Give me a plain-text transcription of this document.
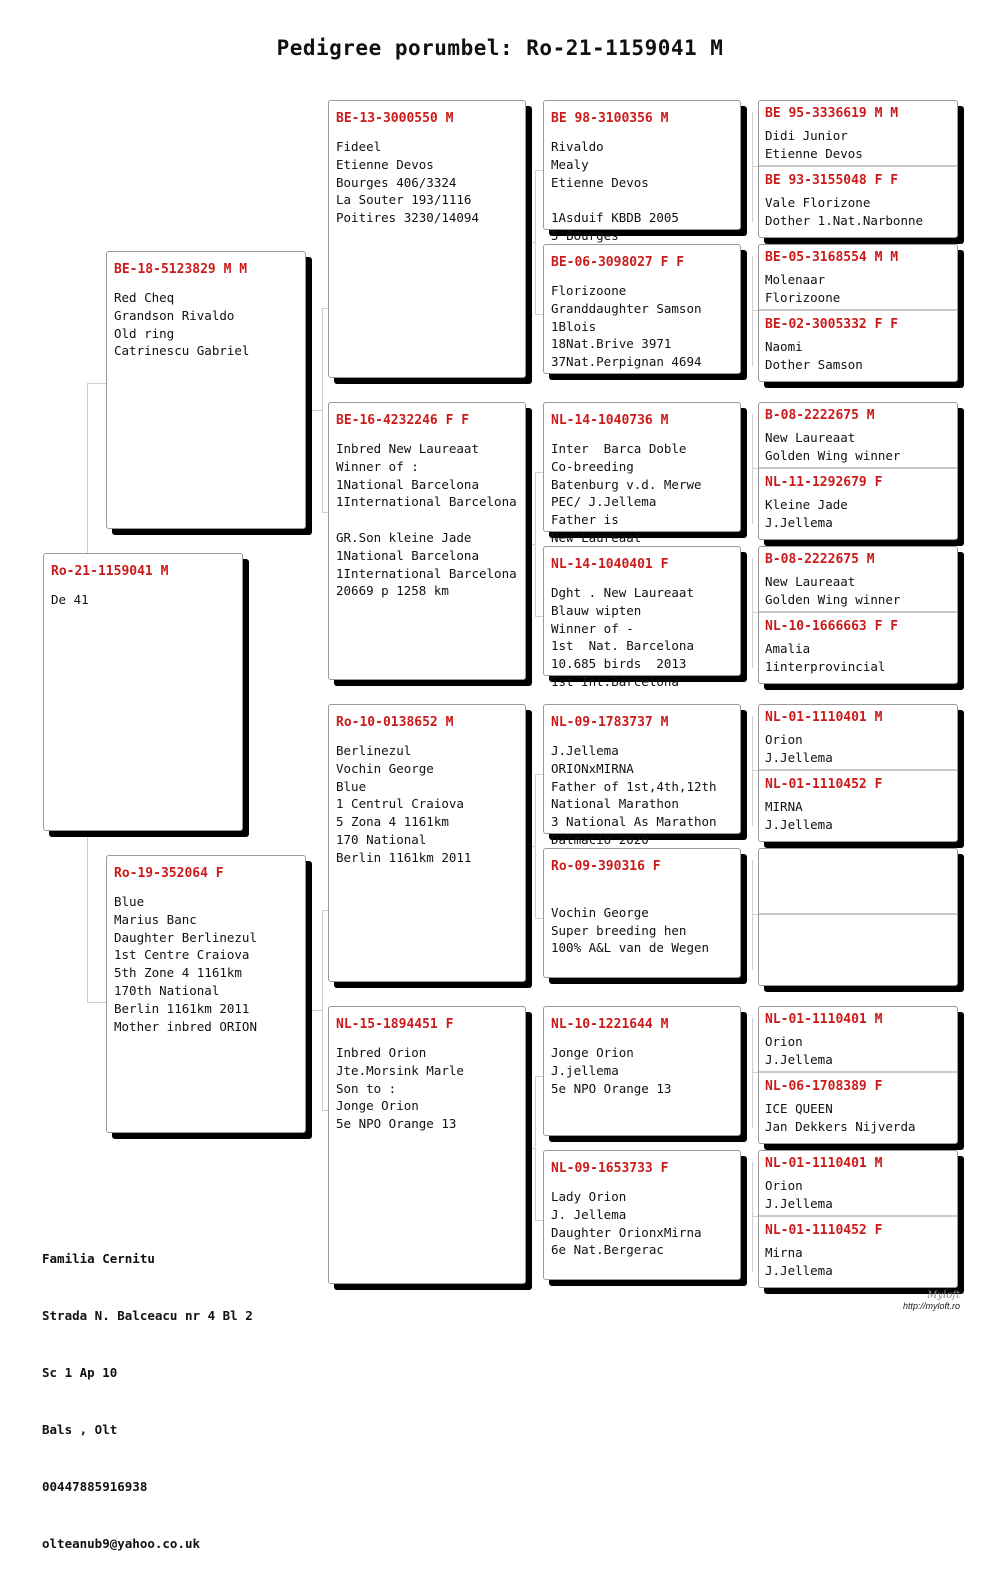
Pedigree porumbel: Ro-21-1159041 M
Ro-21-1159041 M
De 41
BE-18-5123829 M M
Red Cheq
Grandson Rivaldo
Old ring
Catrinescu Gabriel
Ro-19-352064 F
Blue
Marius Banc
Daughter Berlinezul
1st Centre Craiova
5th Zone 4 1161km
170th National
Berlin 1161km 2011
Mother inbred ORION
BE-13-3000550 M
Fideel
Etienne Devos
Bourges 406/3324
La Souter 193/1116
Poitires 3230/14094
BE-16-4232246 F F
Inbred New Laureaat
Winner of :
1National Barcelona
1International Barcelona

GR.Son kleine Jade
1National Barcelona
1International Barcelona
20669 p 1258 km
Ro-10-0138652 M
Berlinezul
Vochin George
Blue
1 Centrul Craiova
5 Zona 4 1161km
170 National
Berlin 1161km 2011
NL-15-1894451 F
Inbred Orion
Jte.Morsink Marle
Son to :
Jonge Orion
5e NPO Orange 13
BE 98-3100356 M
Rivaldo
Mealy
Etienne Devos

1Asduif KBDB 2005
5 Bourges
BE-06-3098027 F F
Florizoone
Granddaughter Samson
1Blois
18Nat.Brive 3971
37Nat.Perpignan 4694
NL-14-1040736 M
Inter  Barca Doble
Co-breeding
Batenburg v.d. Merwe
PEC/ J.Jellema
Father is
New Laureaat
NL-14-1040401 F
Dght . New Laureaat
Blauw wipten
Winner of -
1st  Nat. Barcelona
10.685 birds  2013
1st Int.Barcelona
NL-09-1783737 M
J.Jellema
ORIONxMIRNA
Father of 1st,4th,12th
National Marathon
3 National As Marathon
Dalmacio 2020
Ro-09-390316 F

Vochin George
Super breeding hen
100% A&L van de Wegen
NL-10-1221644 M
Jonge Orion
J.jellema
5e NPO Orange 13
NL-09-1653733 F
Lady Orion
J. Jellema
Daughter OrionxMirna
6e Nat.Bergerac
BE 95-3336619 M M
Didi Junior
Etienne Devos
BE 93-3155048 F F
Vale Florizone
Dother 1.Nat.Narbonne
BE-05-3168554 M M
Molenaar
Florizoone
BE-02-3005332 F F
Naomi
Dother Samson
B-08-2222675 M
New Laureaat
Golden Wing winner
NL-11-1292679 F
Kleine Jade
J.Jellema
B-08-2222675 M
New Laureaat
Golden Wing winner
NL-10-1666663 F F
Amalia
1interprovincial
NL-01-1110401 M
Orion
J.Jellema
NL-01-1110452 F
MIRNA
J.Jellema

NL-01-1110401 M
Orion
J.Jellema
NL-06-1708389 F
ICE QUEEN
Jan Dekkers Nijverda
NL-01-1110401 M
Orion
J.Jellema
NL-01-1110452 F
Mirna
J.Jellema

Familia Cernitu

Strada N. Balceacu nr 4 Bl 2

Sc 1 Ap 10

Bals , Olt

00447885916938

olteanub9@yahoo.co.uk

Myloft
http://myloft.ro
